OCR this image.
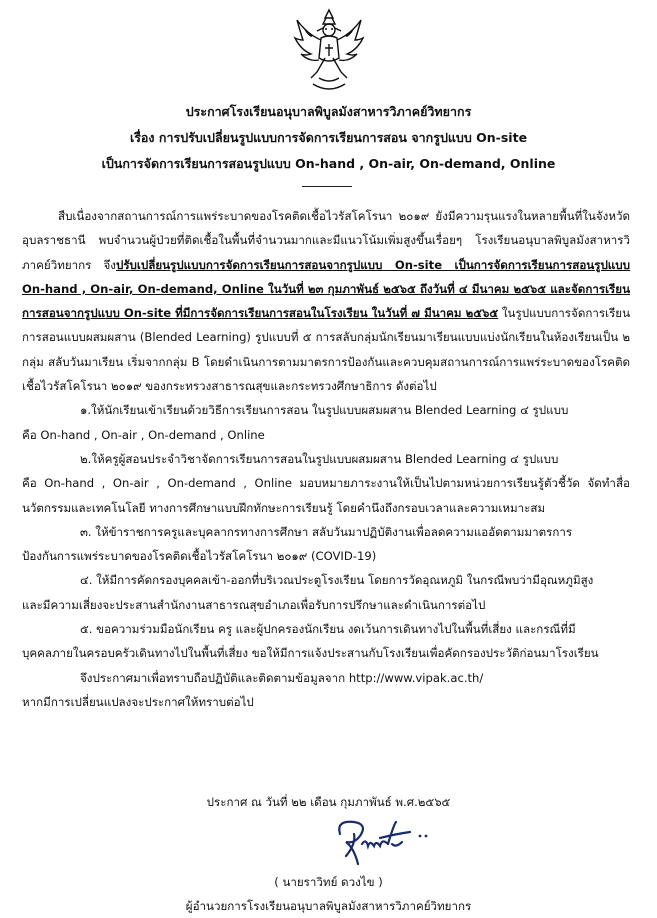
ประกาศโรงเรียนอนุบาลพิบูลมังสาหารวิภาคย์วิทยากร
เรื่อง การปรับเปลี่ยนรูปแบบการจัดการเรียนการสอน จากรูปแบบ On-site
เป็นการจัดการเรียนการสอนรูปแบบ On-hand , On-air, On-demand, Online

สืบเนื่องจากสถานการณ์การแพร่ระบาดของโรคติดเชื้อไวรัสโคโรนา ๒๐๑๙ ยังมีความรุนแรงในหลายพื้นที่ในจังหวัดอุบลราชธานี พบจำนวนผู้ป่วยที่ติดเชื้อในพื้นที่จำนวนมากและมีแนวโน้มเพิ่มสูงขึ้นเรื่อยๆ โรงเรียนอนุบาลพิบูลมังสาหารวิภาคย์วิทยากร จึงปรับเปลี่ยนรูปแบบการจัดการเรียนการสอนจากรูปแบบ On-site เป็นการจัดการเรียนการสอนรูปแบบ On-hand , On-air, On-demand, Online ในวันที่ ๒๓ กุมภาพันธ์ ๒๕๖๕ ถึงวันที่ ๔ มีนาคม ๒๕๖๕ และจัดการเรียนการสอนจากรูปแบบ On-site ที่มีการจัดการเรียนการสอนในโรงเรียน ในวันที่ ๗ มีนาคม ๒๕๖๕ ในรูปแบบการจัดการเรียนการสอนแบบผสมผสาน (Blended Learning) รูปแบบที่ ๕ การสลับกลุ่มนักเรียนมาเรียนแบบแบ่งนักเรียนในห้องเรียนเป็น ๒ กลุ่ม สลับวันมาเรียน เริ่มจากกลุ่ม B โดยดำเนินการตามมาตรการป้องกันและควบคุมสถานการณ์การแพร่ระบาดของโรคติดเชื้อไวรัสโคโรนา ๒๐๑๙ ของกระทรวงสาธารณสุขและกระทรวงศึกษาธิการ ดังต่อไป

๑.ให้นักเรียนเข้าเรียนด้วยวิธีการเรียนการสอน ในรูปแบบผสมผสาน Blended Learning ๔ รูปแบบ
คือ On-hand , On-air , On-demand , Online

๒.ให้ครูผู้สอนประจำวิชาจัดการเรียนการสอนในรูปแบบผสมผสาน Blended Learning ๔ รูปแบบ
คือ On-hand , On-air , On-demand , Online มอบหมายภาระงานให้เป็นไปตามหน่วยการเรียนรู้ตัวชี้วัด จัดทำสื่อนวัตกรรมและเทคโนโลยี ทางการศึกษาแบบฝึกทักษะการเรียนรู้ โดยคำนึงถึงกรอบเวลาและความเหมาะสม

๓. ให้ข้าราชการครูและบุคลากรทางการศึกษา สลับวันมาปฏิบัติงานเพื่อลดความแออัดตามมาตรการ
ป้องกันการแพร่ระบาดของโรคติดเชื้อไวรัสโคโรนา ๒๐๑๙ (COVID-19)

๔. ให้มีการคัดกรองบุคคลเข้า-ออกที่บริเวณประตูโรงเรียน โดยการวัดอุณหภูมิ ในกรณีพบว่ามีอุณหภูมิสูง
และมีความเสี่ยงจะประสานสำนักงานสาธารณสุขอำเภอเพื่อรับการปรึกษาและดำเนินการต่อไป

๕. ขอความร่วมมือนักเรียน ครู และผู้ปกครองนักเรียน งดเว้นการเดินทางไปในพื้นที่เสี่ยง และกรณีที่มี
บุคคลภายในครอบครัวเดินทางไปในพื้นที่เสี่ยง ขอให้มีการแจ้งประสานกับโรงเรียนเพื่อคัดกรองประวัติก่อนมาโรงเรียน

จึงประกาศมาเพื่อทราบถือปฏิบัติและติดตามข้อมูลจาก http://www.vipak.ac.th/

หากมีการเปลี่ยนแปลงจะประกาศให้ทราบต่อไป

ประกาศ ณ วันที่ ๒๒ เดือน กุมภาพันธ์ พ.ศ.๒๕๖๕
( นายราวิทย์ ดวงไข )
ผู้อำนวยการโรงเรียนอนุบาลพิบูลมังสาหารวิภาคย์วิทยากร
